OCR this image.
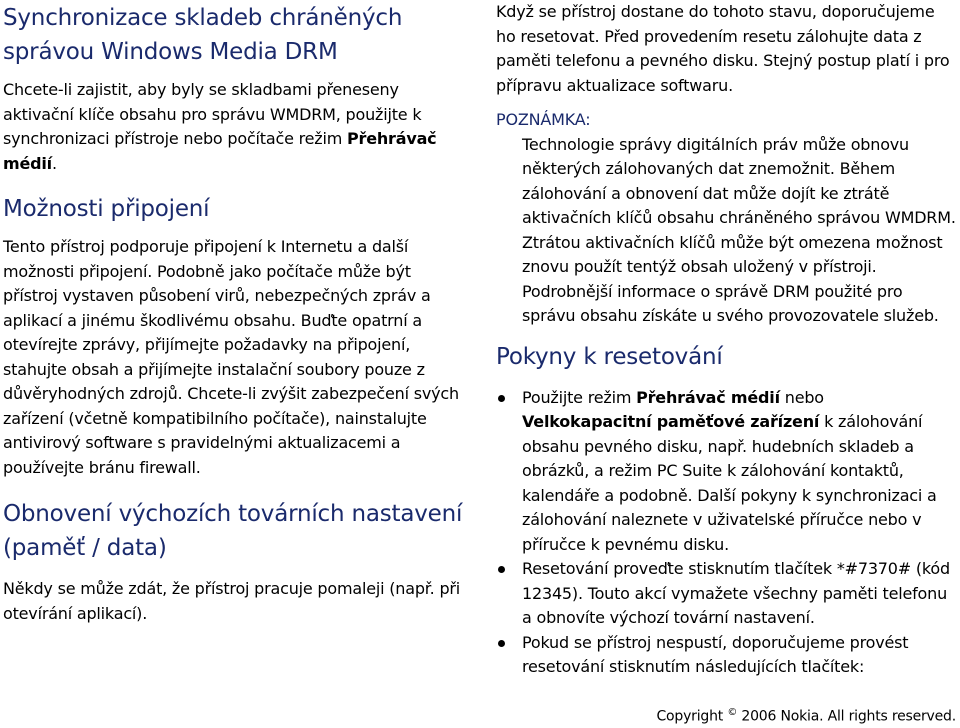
Synchronizace skladeb chráněných správou Windows Media DRM

Chcete-li zajistit, aby byly se skladbami přeneseny aktivační klíče obsahu pro správu WMDRM, použijte k synchronizaci přístroje nebo počítače režim Přehrávač médií.

Možnosti připojení

Tento přístroj podporuje připojení k Internetu a další možnosti připojení. Podobně jako počítače může být přístroj vystaven působení virů, nebezpečných zpráv a aplikací a jinému škodlivému obsahu. Buďte opatrní a otevírejte zprávy, přijímejte požadavky na připojení, stahujte obsah a přijímejte instalační soubory pouze z důvěryhodných zdrojů. Chcete-li zvýšit zabezpečení svých zařízení (včetně kompatibilního počítače), nainstalujte antivirový software s pravidelnými aktualizacemi a používejte bránu firewall.

Obnovení výchozích továrních nastavení (paměť / data)

Někdy se může zdát, že přístroj pracuje pomaleji (např. při otevírání aplikací).

Když se přístroj dostane do tohoto stavu, doporučujeme ho resetovat. Před provedením resetu zálohujte data z paměti telefonu a pevného disku. Stejný postup platí i pro přípravu aktualizace softwaru.

POZNÁMKA:

Technologie správy digitálních práv může obnovu některých zálohovaných dat znemožnit. Během zálohování a obnovení dat může dojít ke ztrátě aktivačních klíčů obsahu chráněného správou WMDRM. Ztrátou aktivačních klíčů může být omezena možnost znovu použít tentýž obsah uložený v přístroji. Podrobnější informace o správě DRM použité pro správu obsahu získáte u svého provozovatele služeb.

Pokyny k resetování
Použijte režim Přehrávač médií nebo Velkokapacitní paměťové zařízení k zálohování obsahu pevného disku, např. hudebních skladeb a obrázků, a režim PC Suite k zálohování kontaktů, kalendáře a podobně. Další pokyny k synchronizaci a zálohování naleznete v uživatelské příručce nebo v příručce k pevnému disku.
Resetování proveďte stisknutím tlačítek *#7370# (kód 12345). Touto akcí vymažete všechny paměti telefonu a obnovíte výchozí tovární nastavení.
Pokud se přístroj nespustí, doporučujeme provést resetování stisknutím následujících tlačítek:
Copyright © 2006 Nokia. All rights reserved.
